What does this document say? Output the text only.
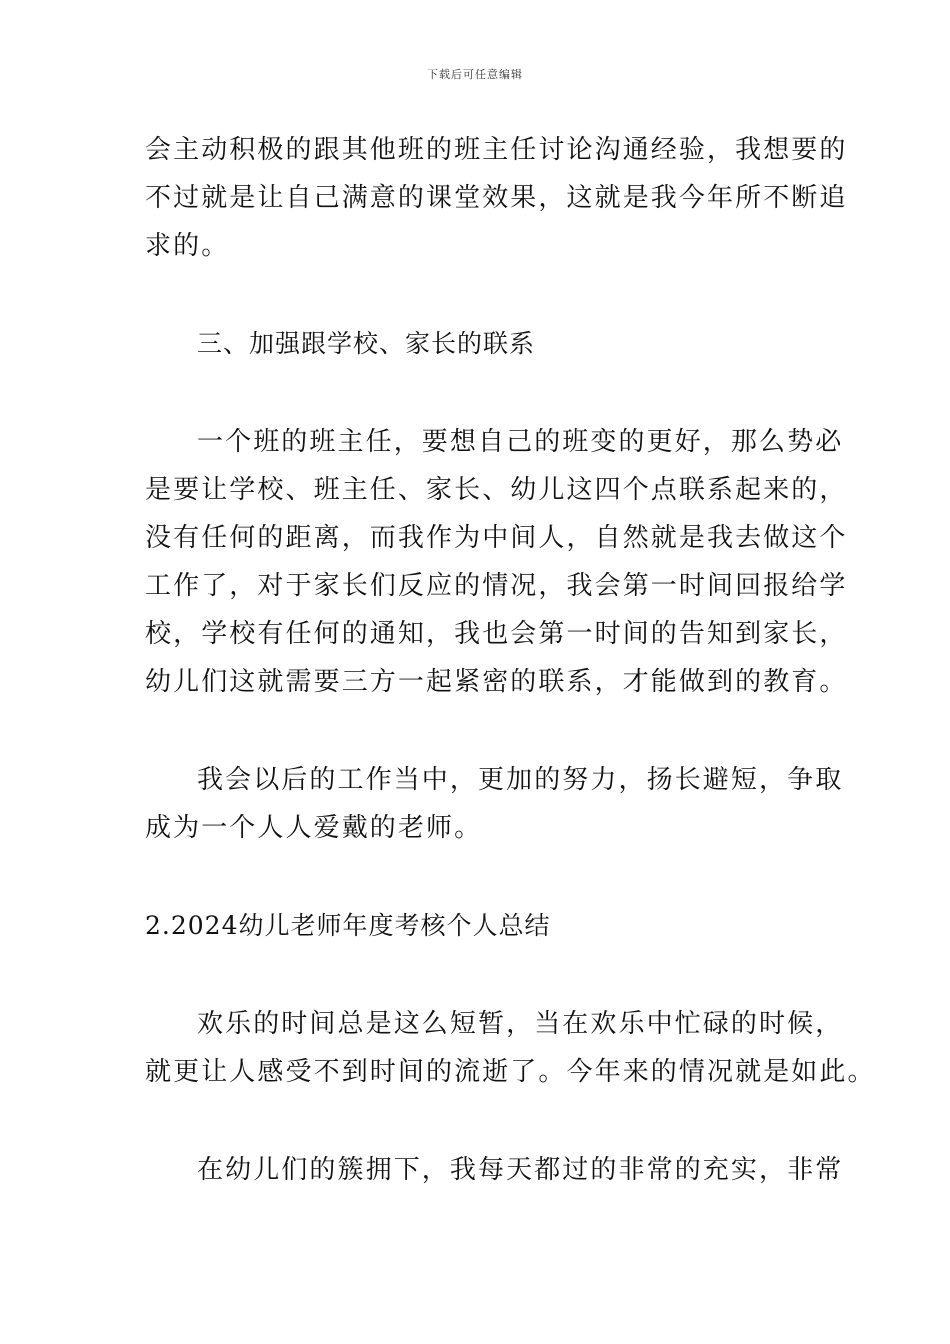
下载后可任意编辑
会主动积极的跟其他班的班主任讨论沟通经验，我想要的
不过就是让自己满意的课堂效果，这就是我今年所不断追
求的。
三、加强跟学校、家长的联系
一个班的班主任，要想自己的班变的更好，那么势必
是要让学校、班主任、家长、幼儿这四个点联系起来的，
没有任何的距离，而我作为中间人，自然就是我去做这个
工作了，对于家长们反应的情况，我会第一时间回报给学
校，学校有任何的通知，我也会第一时间的告知到家长，
幼儿们这就需要三方一起紧密的联系，才能做到的教育。
我会以后的工作当中，更加的努力，扬长避短，争取
成为一个人人爱戴的老师。
2.2024幼儿老师年度考核个人总结
欢乐的时间总是这么短暂，当在欢乐中忙碌的时候，
就更让人感受不到时间的流逝了。今年来的情况就是如此。
在幼儿们的簇拥下，我每天都过的非常的充实，非常
